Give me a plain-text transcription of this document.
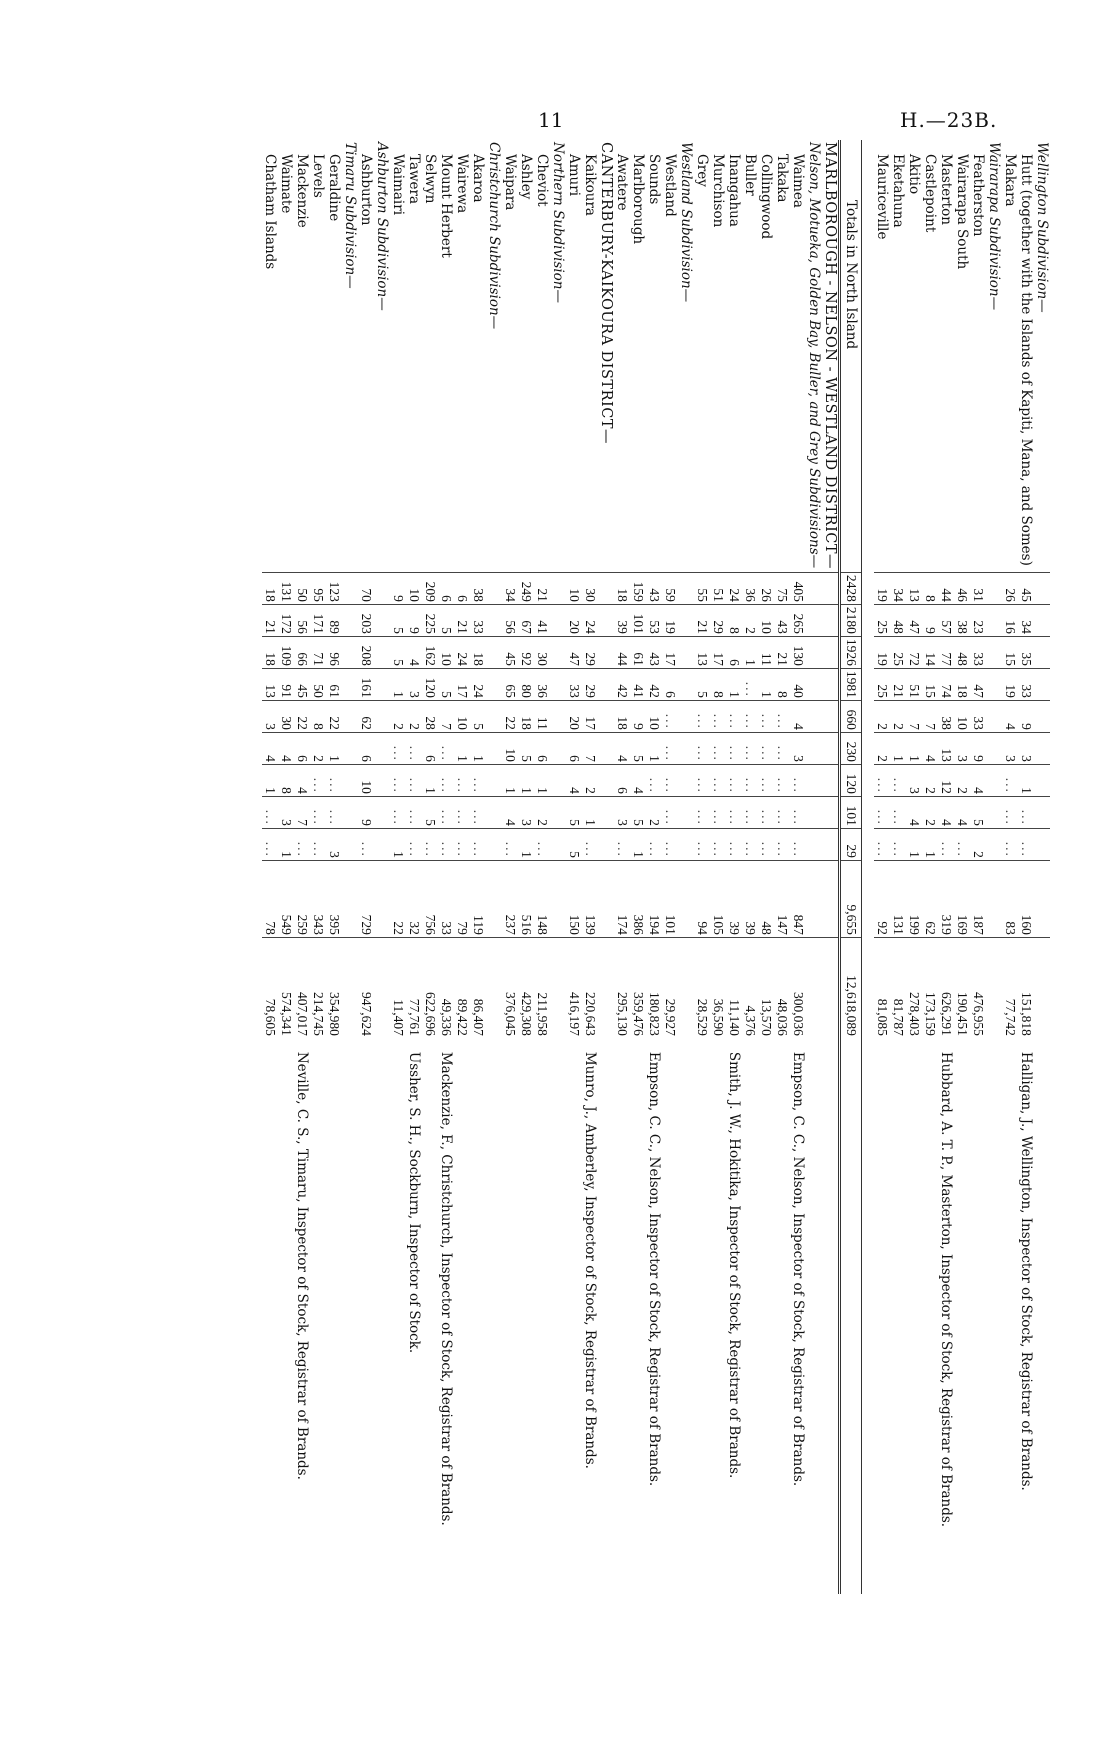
11	H.—23B.
Wellington Subdivision—												
Hutt (together with the Islands of Kapiti, Mana, and Somes)	45	34	35	33	9	3	1	...	...	160	151,818	Halligan, J., Wellington, Inspector of Stock, Registrar of Brands.
Makara	26	16	15	19	4	3	...	...	...	83	77,742	
Wairarapa Subdivision—												
Featherston	31	23	33	47	33	9	4	5	2	187	476,955	
Wairarapa South	46	38	48	18	10	3	2	4	...	169	190,451	
Masterton	44	57	77	74	38	13	12	4	...	319	626,291	Hubbard, A. T. P., Masterton, Inspector of Stock, Registrar of Brands.
Castlepoint	8	9	14	15	7	4	2	2	1	62	173,159	
Akitio	13	47	72	51	7	1	3	4	1	199	278,403	
Eketahuna	34	48	25	21	2	1	...	...	...	131	81,787	
Mauriceville	19	25	19	25	2	2	...	...	...	92	81,085	

Totals in North Island	2428	2180	1926	1981	660	230	120	101	29	9,655	12,618,089	
MARLBOROUGH - NELSON - WESTLAND DISTRICT—												
Nelson, Motueka, Golden Bay, Buller, and Grey Subdivisions—												
Waimea	405	265	130	40	4	3	...	...	...	847	300,036	Empson, C. C., Nelson, Inspector of Stock, Registrar of Brands.
Takaka	75	43	21	8	...	...	...	...	...	147	48,036	
Collingwood	26	10	11	1	...	...	...	...	...	48	13,570	
Buller	36	2	1	...	...	...	...	...	...	39	4,376	
Inangahua	24	8	6	1	...	...	...	...	...	39	11,140	Smith, J. W., Hokitika, Inspector of Stock, Registrar of Brands.
Murchison	51	29	17	8	...	...	...	...	...	105	36,590	
Grey	55	21	13	5	...	...	...	...	...	94	28,529	
Westland Subdivision—												
Westland	59	19	17	6	...	...	...	...	...	101	29,927	
Sounds	43	53	43	42	10	1	...	2	...	194	180,823	Empson, C. C., Nelson, Inspector of Stock, Registrar of Brands.
Marlborough	159	101	61	41	9	5	4	5	1	386	359,476	
Awatere	18	39	44	42	18	4	6	3	...	174	295,130	
CANTERBURY-KAIKOURA DISTRICT—												
Kaikoura	30	24	29	29	17	7	2	1	...	139	220,643	Munro, J., Amberley, Inspector of Stock, Registrar of Brands.
Amuri	10	20	47	33	20	6	4	5	5	150	416,197	
Northern Subdivision—												
Cheviot	21	41	30	36	11	6	1	2	...	148	211,958	
Ashley	249	67	92	80	18	5	1	3	1	516	429,308	
Waipara	34	56	45	65	22	10	1	4	...	237	376,045	
Christchurch Subdivision—												
Akaroa	38	33	18	24	5	1	...	...	...	119	86,407	
Wairewa	6	21	24	17	10	1	...	...	...	79	89,422	
Mount Herbert	6	5	10	5	7	...	...	...	...	33	49,336	Mackenzie, F., Christchurch, Inspector of Stock, Registrar of Brands.
Selwyn	209	225	162	120	28	6	1	5	...	756	622,696	
Tawera	10	9	4	3	2	...	...	...	...	32	77,761	Ussher, S. H., Sockburn, Inspector of Stock.
Waimairi	9	5	5	1	2	...	...	...	1	22	11,407	
Ashburton Subdivision—												
Ashburton	70	203	208	161	62	6	10	9	...	729	947,624	
Timaru Subdivision—												
Geraldine	123	89	96	61	22	1	...	...	3	395	354,980	
Levels	95	171	71	50	8	2	...	...	...	343	214,745	
Mackenzie	50	56	66	45	22	6	4	7	...	259	407,017	Neville, C. S., Timaru, Inspector of Stock, Registrar of Brands.
Waimate	131	172	109	91	30	4	8	3	1	549	574,341	
Chatham Islands	18	21	18	13	3	4	1	...	...	78	78,605	
